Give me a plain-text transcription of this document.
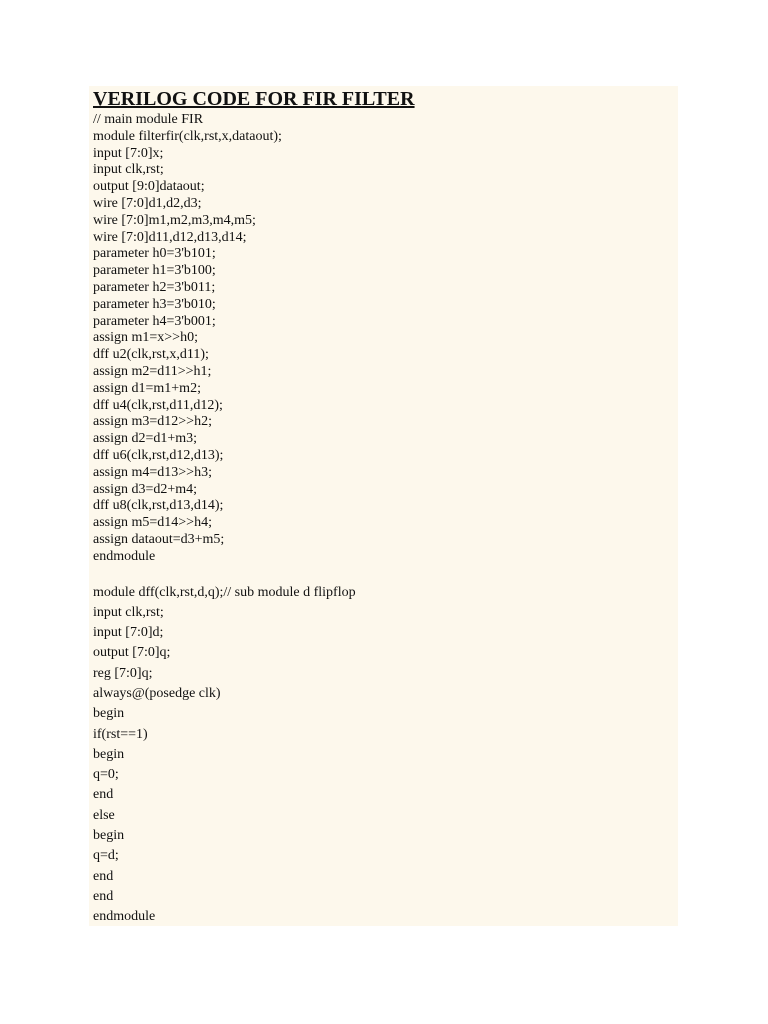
VERILOG CODE FOR FIR FILTER
// main module FIR
module filterfir(clk,rst,x,dataout);
input [7:0]x;
input clk,rst;
output [9:0]dataout;
wire [7:0]d1,d2,d3;
wire [7:0]m1,m2,m3,m4,m5;
wire [7:0]d11,d12,d13,d14;
parameter h0=3'b101;
parameter h1=3'b100;
parameter h2=3'b011;
parameter h3=3'b010;
parameter h4=3'b001;
assign m1=x>>h0;
dff u2(clk,rst,x,d11);
assign m2=d11>>h1;
assign d1=m1+m2;
dff u4(clk,rst,d11,d12);
assign m3=d12>>h2;
assign d2=d1+m3;
dff u6(clk,rst,d12,d13);
assign m4=d13>>h3;
assign d3=d2+m4;
dff u8(clk,rst,d13,d14);
assign m5=d14>>h4;
assign dataout=d3+m5;
endmodule
module dff(clk,rst,d,q);// sub module d flipflop
input clk,rst;
input [7:0]d;
output [7:0]q;
reg [7:0]q;
always@(posedge clk)
begin
if(rst==1)
begin
q=0;
end
else
begin
q=d;
end
end
endmodule
